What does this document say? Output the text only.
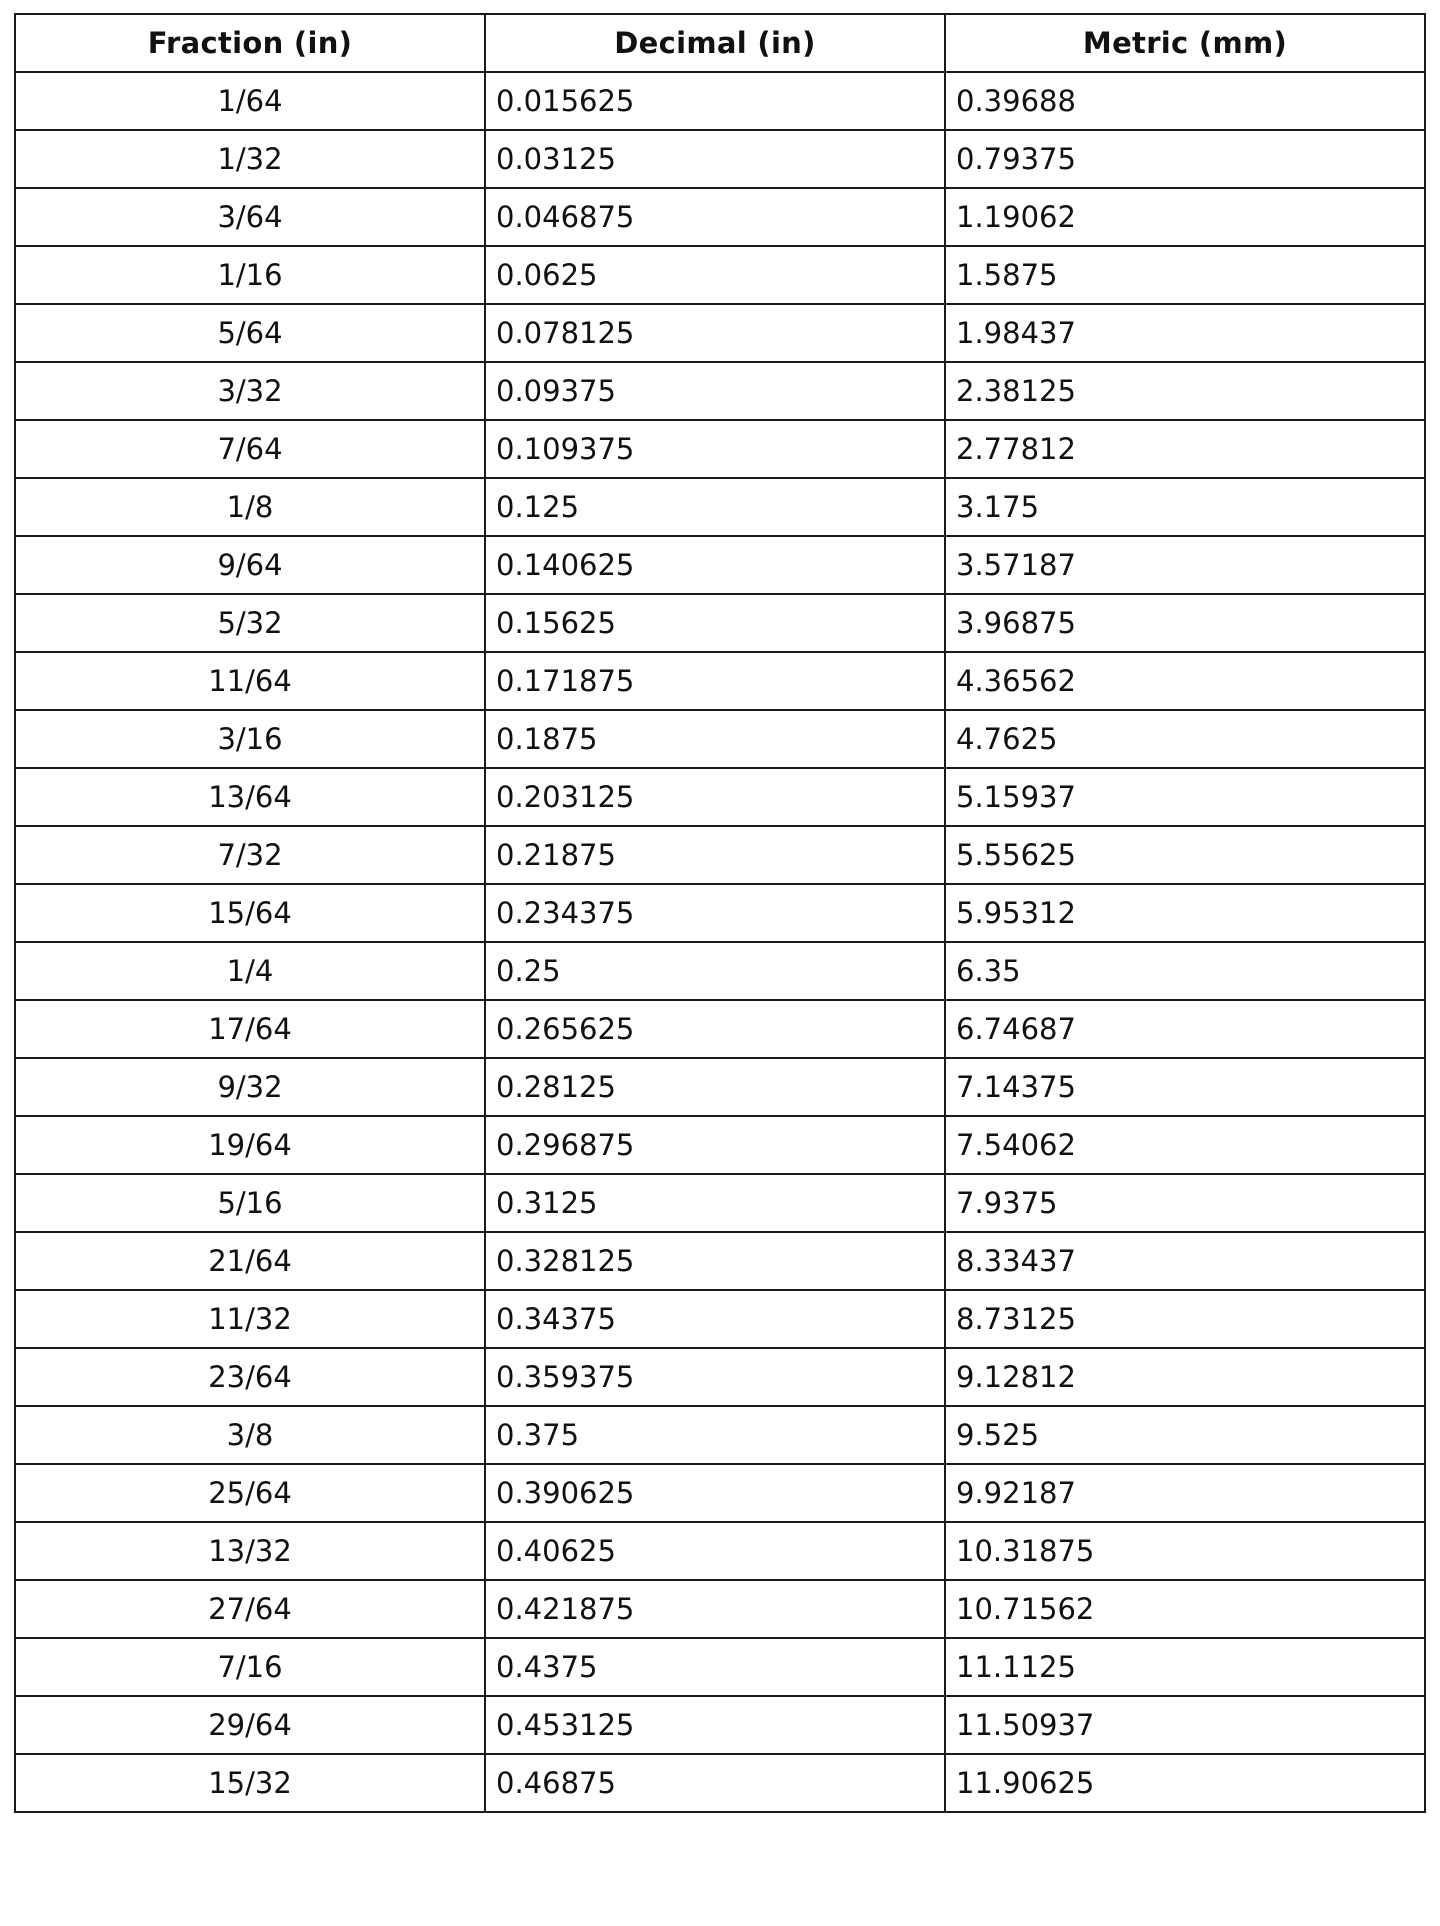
Fraction (in)	Decimal (in)	Metric (mm)
1/64	0.015625	0.39688
1/32	0.03125	0.79375
3/64	0.046875	1.19062
1/16	0.0625	1.5875
5/64	0.078125	1.98437
3/32	0.09375	2.38125
7/64	0.109375	2.77812
1/8	0.125	3.175
9/64	0.140625	3.57187
5/32	0.15625	3.96875
11/64	0.171875	4.36562
3/16	0.1875	4.7625
13/64	0.203125	5.15937
7/32	0.21875	5.55625
15/64	0.234375	5.95312
1/4	0.25	6.35
17/64	0.265625	6.74687
9/32	0.28125	7.14375
19/64	0.296875	7.54062
5/16	0.3125	7.9375
21/64	0.328125	8.33437
11/32	0.34375	8.73125
23/64	0.359375	9.12812
3/8	0.375	9.525
25/64	0.390625	9.92187
13/32	0.40625	10.31875
27/64	0.421875	10.71562
7/16	0.4375	11.1125
29/64	0.453125	11.50937
15/32	0.46875	11.90625
